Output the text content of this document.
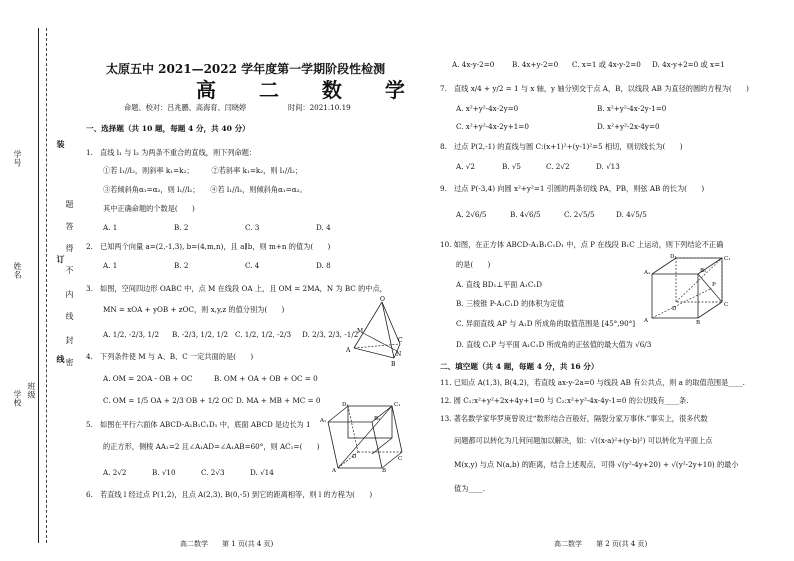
学号
姓名
学校 班级
装
订
线
题
答
得
不
内
线
封
密
太原五中 2021—2022 学年度第一学期阶段性检测
高 二 数 学
命题、校对：吕兆鹏、高海育、闫晓婷	时间：2021.10.19
一、选择题（共 10 题，每题 4 分，共 40 分）
1.　直线 l₁ 与 l₂ 为两条不重合的直线，则下列命题：
①若 l₁//l₂，则斜率 k₁=k₂；　　　②若斜率 k₁=k₂，则 l₁//l₂；
③若倾斜角α₁=α₂，则 l₁//l₂；　　④若 l₁//l₂，则倾斜角α₁=α₂。
其中正确命题的个数是(　　)
A. 1	B. 2	C. 3	D. 4
2.　已知两个向量 a=(2,-1,3), b=(4,m,n)，且 a∥b，则 m+n 的值为(　　)
A. 1	B. 2	C. 4	D. 8
3.　如图，空间四边形 OABC 中，点 M 在线段 OA 上，且 OM = 2MA，N 为 BC 的中点，
MN = xOA + yOB + zOC，则 x,y,z 的值分别为(　　)
A. 1/2, -2/3, 1/2 B. -2/3, 1/2, 1/2 C. 1/2, 1/2, -2/3 D. 2/3, 2/3, -1/2
4.　下列条件使 M 与 A、B、C 一定共面的是(　　)
A. OM = 2OA - OB + OC	B. OM + OA + OB + OC = 0
C. OM = 1/5 OA + 2/3 OB + 1/2 OC D. MA + MB + MC = 0
5.　如图在平行六面体 ABCD-A₁B₁C₁D₁ 中，底面 ABCD 是边长为 1
的正方形，侧棱 AA₁=2 且∠A₁AD=∠A₁AB=60°，则 AC₁=(　　)
A. 2√2	B. √10	C. 2√3	D. √14
6.　若直线 l 经过点 P(1,2)，且点 A(2,3), B(0,-5) 到它的距离相等，则 l 的方程为(　　)
高二数学　　第 1 页(共 4 页)
O
A
B
C
M
N
A	B
C
D
A₁	B₁
C₁
D₁
A. 4x-y-2=0 B. 4x+y-2=0 C. x=1 或 4x-y-2=0 D. 4x-y+2=0 或 x=1
7.　直线 x/4 + y/2 = 1 与 x 轴，y 轴分别交于点 A，B，以线段 AB 为直径的圆的方程为(　　)
A. x²+y²-4x-2y=0	B. x²+y²-4x-2y-1=0
C. x²+y²-4x-2y+1=0	D. x²+y²-2x-4y=0
8.　过点 P(2,-1) 的直线与圆 C:(x+1)²+(y-1)²=5 相切，则切线长为(　　)
A. √2	B. √5	C. 2√2	D. √13
9.　过点 P(-3,4) 向圆 x²+y²=1 引圆的两条切线 PA，PB，则弦 AB 的长为(　　)
A. 2√6/5	B. 4√6/5	C. 2√5/5	D. 4√5/5
10. 如图，在正方体 ABCD-A₁B₁C₁D₁ 中，点 P 在线段 B₁C 上运动，则下列结论不正确
的是(　　)
A. 直线 BD₁⊥平面 A₁C₁D
B. 三棱锥 P-A₁C₁D 的体积为定值
C. 异面直线 AP 与 A₁D 所成角的取值范围是 [45°,90°]
D. 直线 C₁P 与平面 A₁C₁D 所成角的正弦值的最大值为 √6/3
二、填空题（共 4 题，每题 4 分，共 16 分）
11. 已知点 A(1,3), B(4,2)，若直线 ax-y-2a=0 与线段 AB 有公共点，则 a 的取值范围是____.
12. 圆 C₁:x²+y²+2x+4y+1=0 与 C₂:x²+y²-4x-4y-1=0 的公切线有____条.
13. 著名数学家华罗庚曾说过“数形结合百般好，隔裂分家万事休.”事实上，很多代数
问题都可以转化为几何问题加以解决，如：√((x-a)²+(y-b)²) 可以转化为平面上点
M(x,y) 与点 N(a,b) 的距离，结合上述观点，可得 √(y²-4y+20) + √(y²-2y+10) 的最小
值为____.
高二数学　　第 2 页(共 4 页)
A	B
C
D
A₁	B₁
C₁
D₁
P
